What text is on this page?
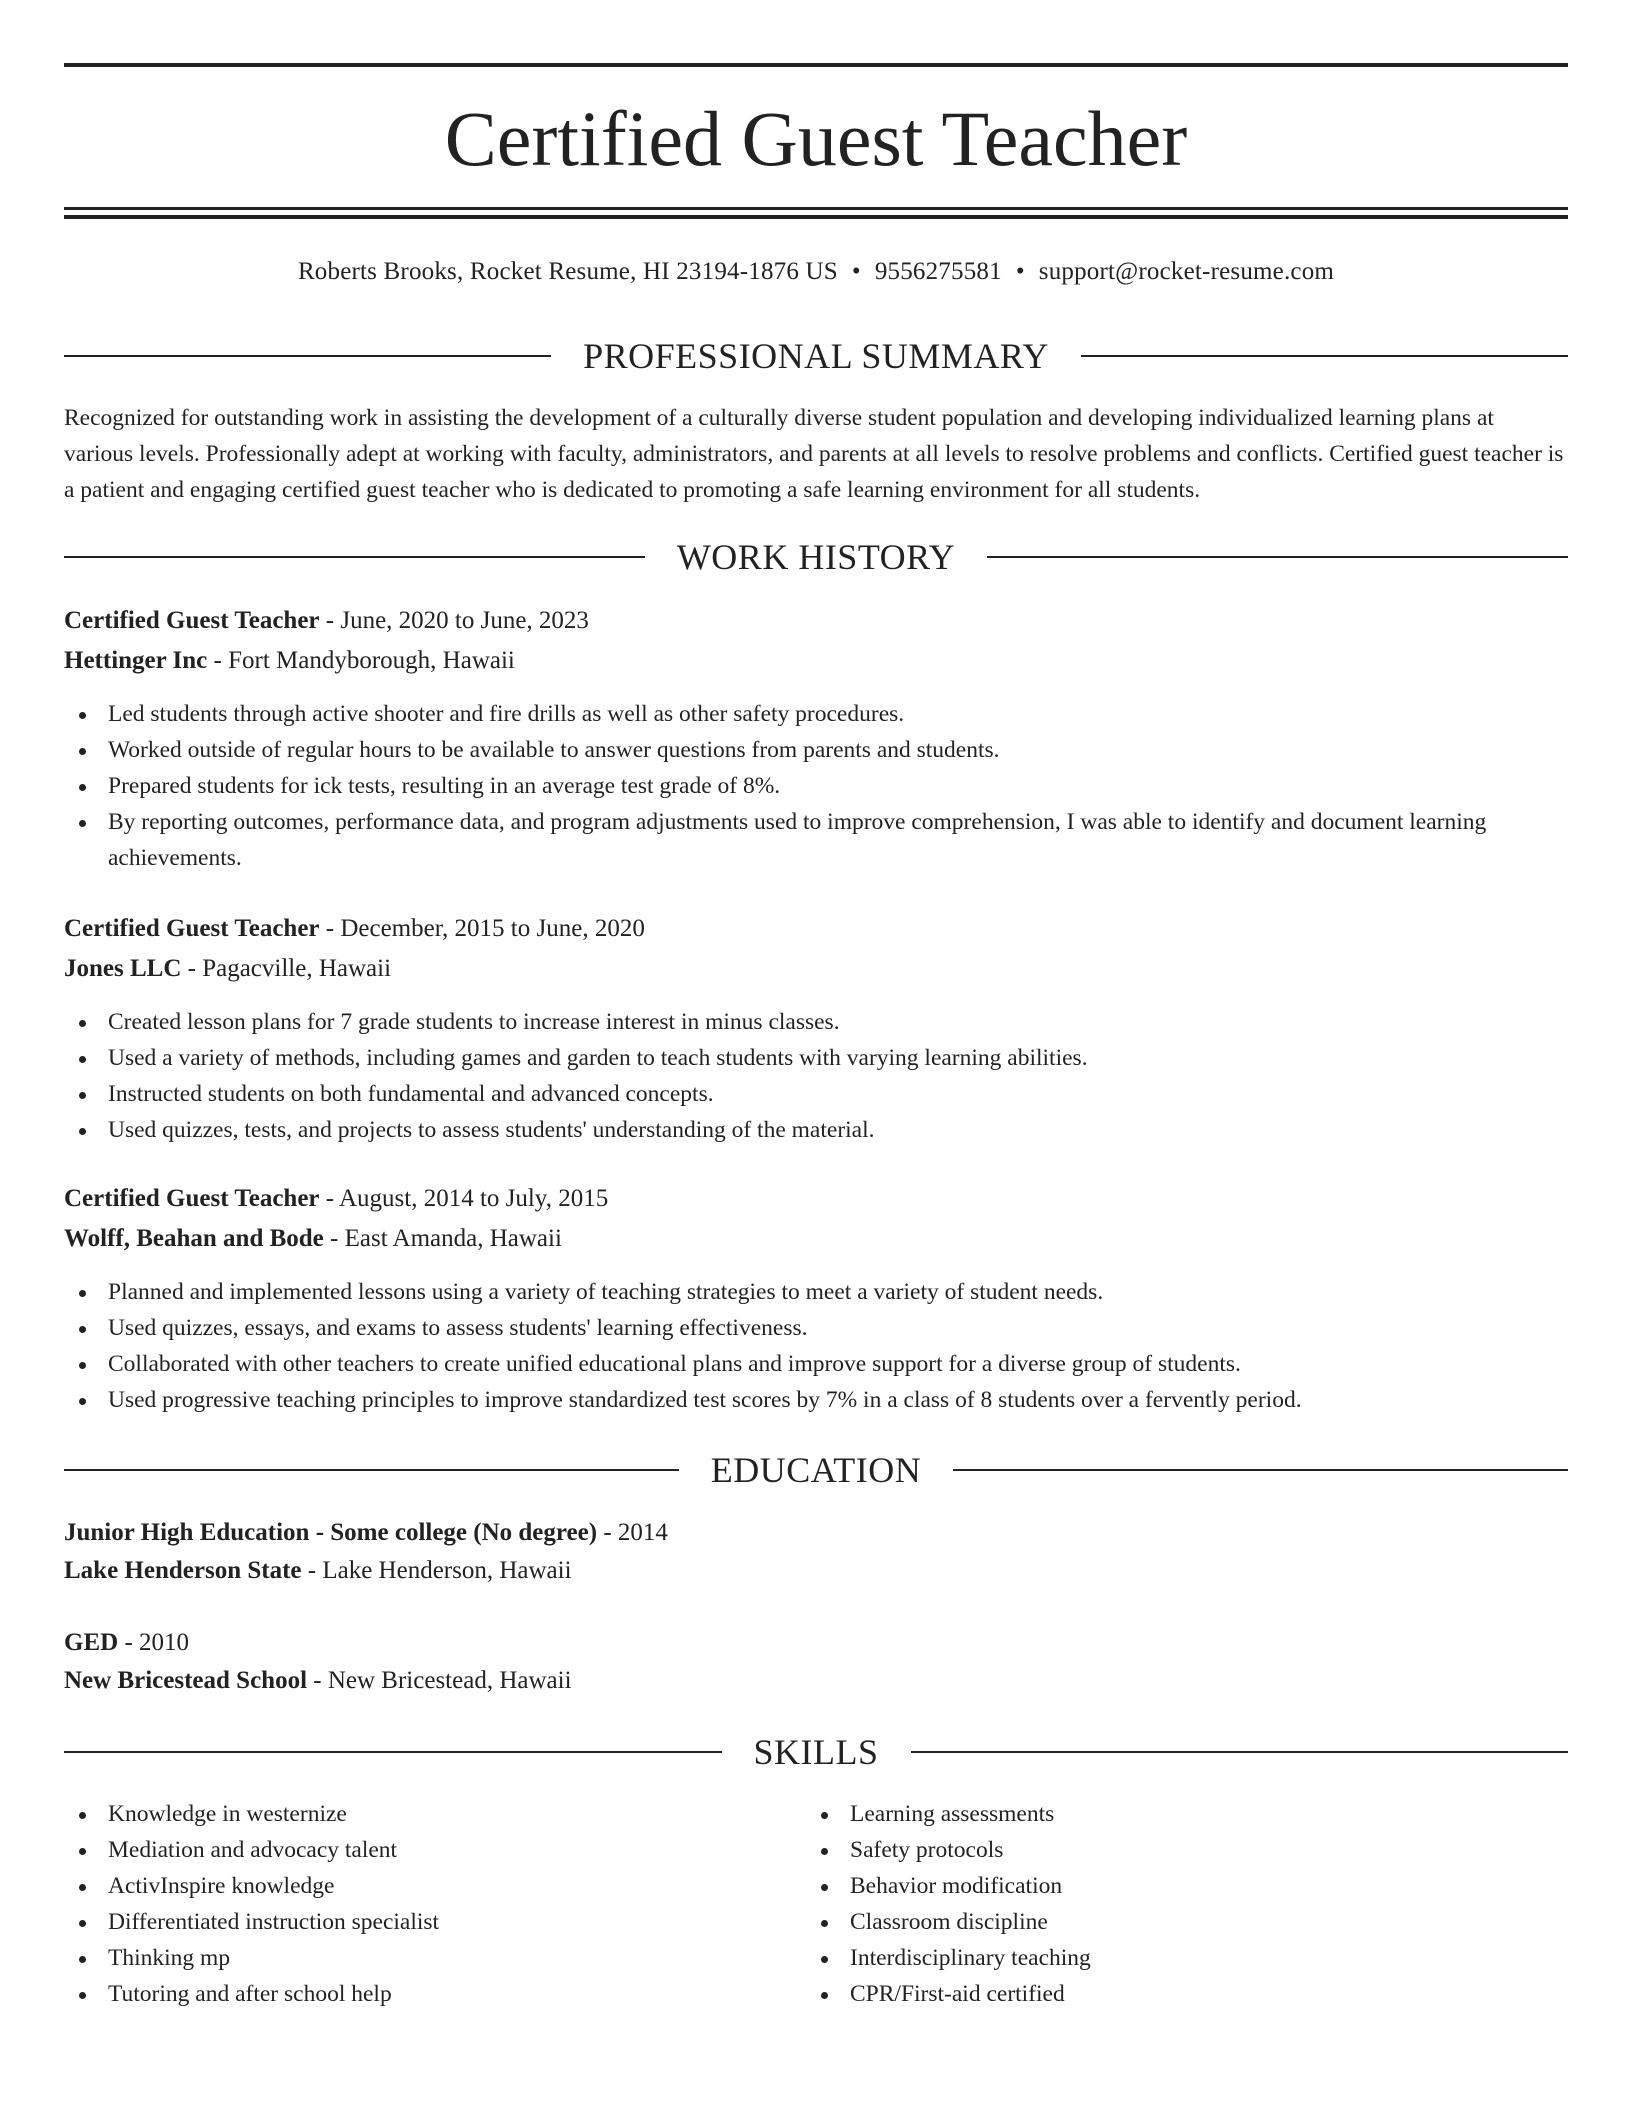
Certified Guest Teacher
Roberts Brooks, Rocket Resume, HI 23194-1876 US • 9556275581 • support@rocket-resume.com
PROFESSIONAL SUMMARY

Recognized for outstanding work in assisting the development of a culturally diverse student population and developing individualized learning plans at various levels. Professionally adept at working with faculty, administrators, and parents at all levels to resolve problems and conflicts. Certified guest teacher is a patient and engaging certified guest teacher who is dedicated to promoting a safe learning environment for all students.

WORK HISTORY
Certified Guest Teacher - June, 2020 to June, 2023
Hettinger Inc - Fort Mandyborough, Hawaii
Led students through active shooter and fire drills as well as other safety procedures.
Worked outside of regular hours to be available to answer questions from parents and students.
Prepared students for ick tests, resulting in an average test grade of 8%.
By reporting outcomes, performance data, and program adjustments used to improve comprehension, I was able to identify and document learning achievements.
Certified Guest Teacher - December, 2015 to June, 2020
Jones LLC - Pagacville, Hawaii
Created lesson plans for 7 grade students to increase interest in minus classes.
Used a variety of methods, including games and garden to teach students with varying learning abilities.
Instructed students on both fundamental and advanced concepts.
Used quizzes, tests, and projects to assess students' understanding of the material.
Certified Guest Teacher - August, 2014 to July, 2015
Wolff, Beahan and Bode - East Amanda, Hawaii
Planned and implemented lessons using a variety of teaching strategies to meet a variety of student needs.
Used quizzes, essays, and exams to assess students' learning effectiveness.
Collaborated with other teachers to create unified educational plans and improve support for a diverse group of students.
Used progressive teaching principles to improve standardized test scores by 7% in a class of 8 students over a fervently period.
EDUCATION
Junior High Education - Some college (No degree) - 2014
Lake Henderson State - Lake Henderson, Hawaii
GED - 2010
New Bricestead School - New Bricestead, Hawaii
SKILLS
Knowledge in westernize
Mediation and advocacy talent
ActivInspire knowledge
Differentiated instruction specialist
Thinking mp
Tutoring and after school help
Learning assessments
Safety protocols
Behavior modification
Classroom discipline
Interdisciplinary teaching
CPR/First-aid certified
